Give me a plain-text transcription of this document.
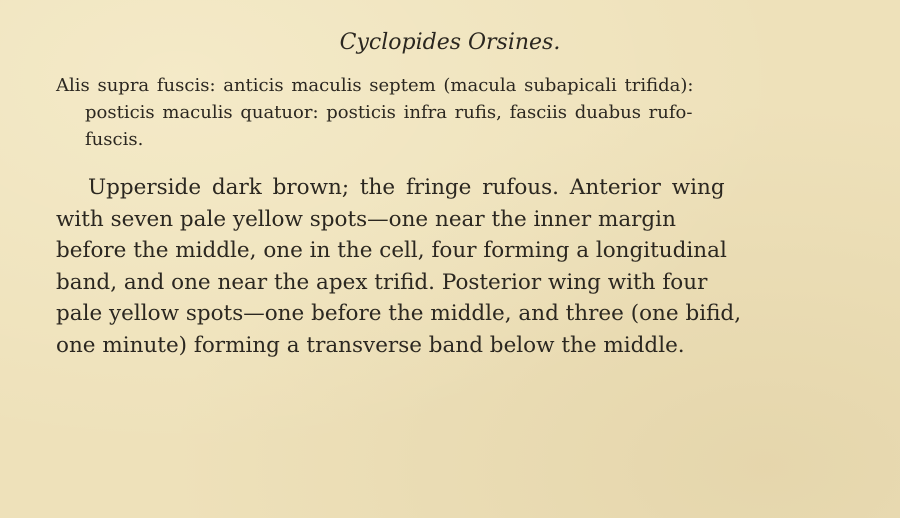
Cyclopides Orsines.
Alis supra fuscis: anticis maculis septem (macula subapicali trifida):
posticis maculis quatuor: posticis infra rufis, fasciis duabus rufo-
fuscis.
Upperside dark brown; the fringe rufous. Anterior wing
with seven pale yellow spots—one near the inner margin
before the middle, one in the cell, four forming a longitudinal
band, and one near the apex trifid. Posterior wing with four
pale yellow spots—one before the middle, and three (one bifid,
one minute) forming a transverse band below the middle.
